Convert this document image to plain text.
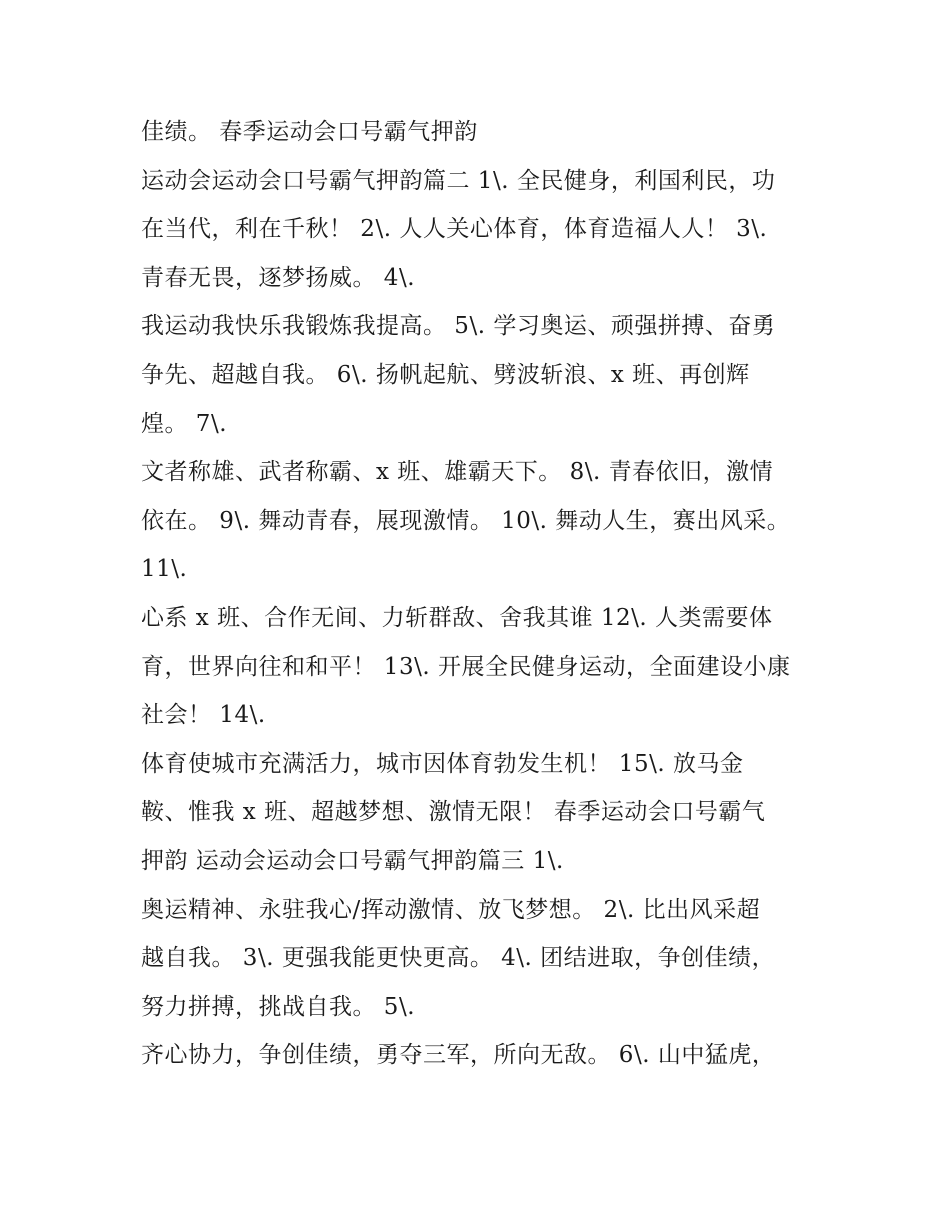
佳绩。 春季运动会口号霸气押韵
运动会运动会口号霸气押韵篇二 1\. 全民健身，利国利民，功
在当代，利在千秋！ 2\. 人人关心体育，体育造福人人！ 3\.
青春无畏，逐梦扬威。 4\.
我运动我快乐我锻炼我提高。 5\. 学习奥运、顽强拼搏、奋勇
争先、超越自我。 6\. 扬帆起航、劈波斩浪、x 班、再创辉
煌。 7\.
文者称雄、武者称霸、x 班、雄霸天下。 8\. 青春依旧，激情
依在。 9\. 舞动青春，展现激情。 10\. 舞动人生，赛出风采。
11\.
心系 x 班、合作无间、力斩群敌、舍我其谁 12\. 人类需要体
育，世界向往和和平！ 13\. 开展全民健身运动，全面建设小康
社会！ 14\.
体育使城市充满活力，城市因体育勃发生机！ 15\. 放马金
鞍、惟我 x 班、超越梦想、激情无限！ 春季运动会口号霸气
押韵 运动会运动会口号霸气押韵篇三 1\.
奥运精神、永驻我心/挥动激情、放飞梦想。 2\. 比出风采超
越自我。 3\. 更强我能更快更高。 4\. 团结进取，争创佳绩，
努力拼搏，挑战自我。 5\.
齐心协力，争创佳绩，勇夺三军，所向无敌。 6\. 山中猛虎，
